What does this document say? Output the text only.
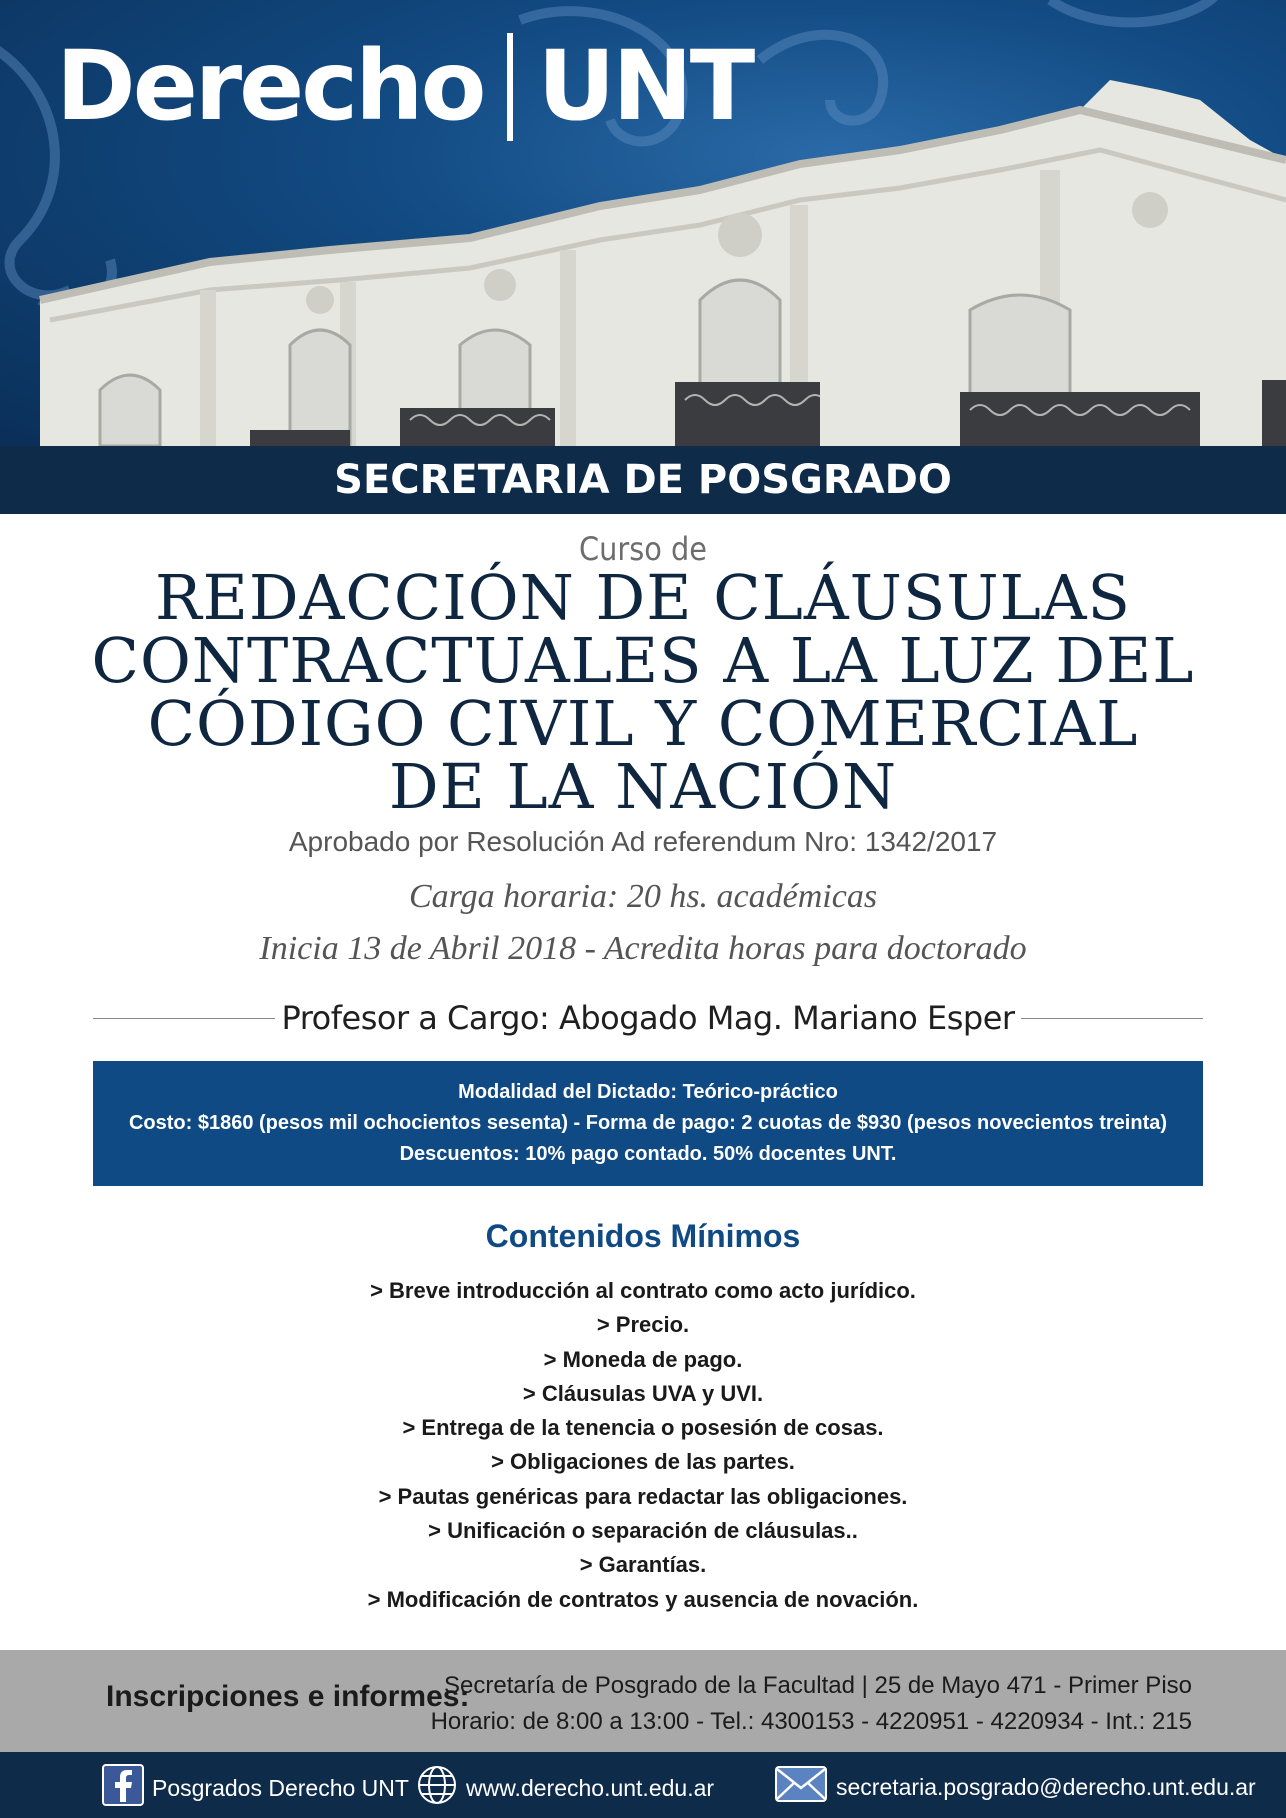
Derecho UNT
SECRETARIA DE POSGRADO
Curso de
REDACCIÓN DE CLÁUSULAS
CONTRACTUALES A LA LUZ DEL
CÓDIGO CIVIL Y COMERCIAL
DE LA NACIÓN
Aprobado por Resolución Ad referendum Nro: 1342/2017
Carga horaria: 20 hs. académicas
Inicia 13 de Abril 2018 - Acredita horas para doctorado
Profesor a Cargo: Abogado Mag. Mariano Esper
Modalidad del Dictado: Teórico-práctico
Costo: $1860 (pesos mil ochocientos sesenta) - Forma de pago: 2 cuotas de $930 (pesos novecientos treinta)
Descuentos: 10% pago contado. 50% docentes UNT.
Contenidos Mínimos
> Breve introducción al contrato como acto jurídico.
> Precio.
> Moneda de pago.
> Cláusulas UVA y UVI.
> Entrega de la tenencia o posesión de cosas.
> Obligaciones de las partes.
> Pautas genéricas para redactar las obligaciones.
> Unificación o separación de cláusulas..
> Garantías.
> Modificación de contratos y ausencia de novación.
Inscripciones e informes:
Secretaría de Posgrado de la Facultad | 25 de Mayo 471 - Primer Piso
Horario: de 8:00 a 13:00 - Tel.: 4300153 - 4220951 - 4220934 - Int.: 215
Posgrados Derecho UNT www.derecho.unt.edu.ar	secretaria.posgrado@derecho.unt.edu.ar
